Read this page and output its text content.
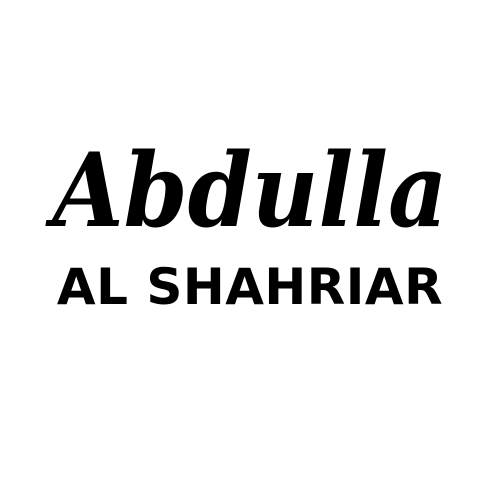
Abdulla
AL SHAHRIAR
